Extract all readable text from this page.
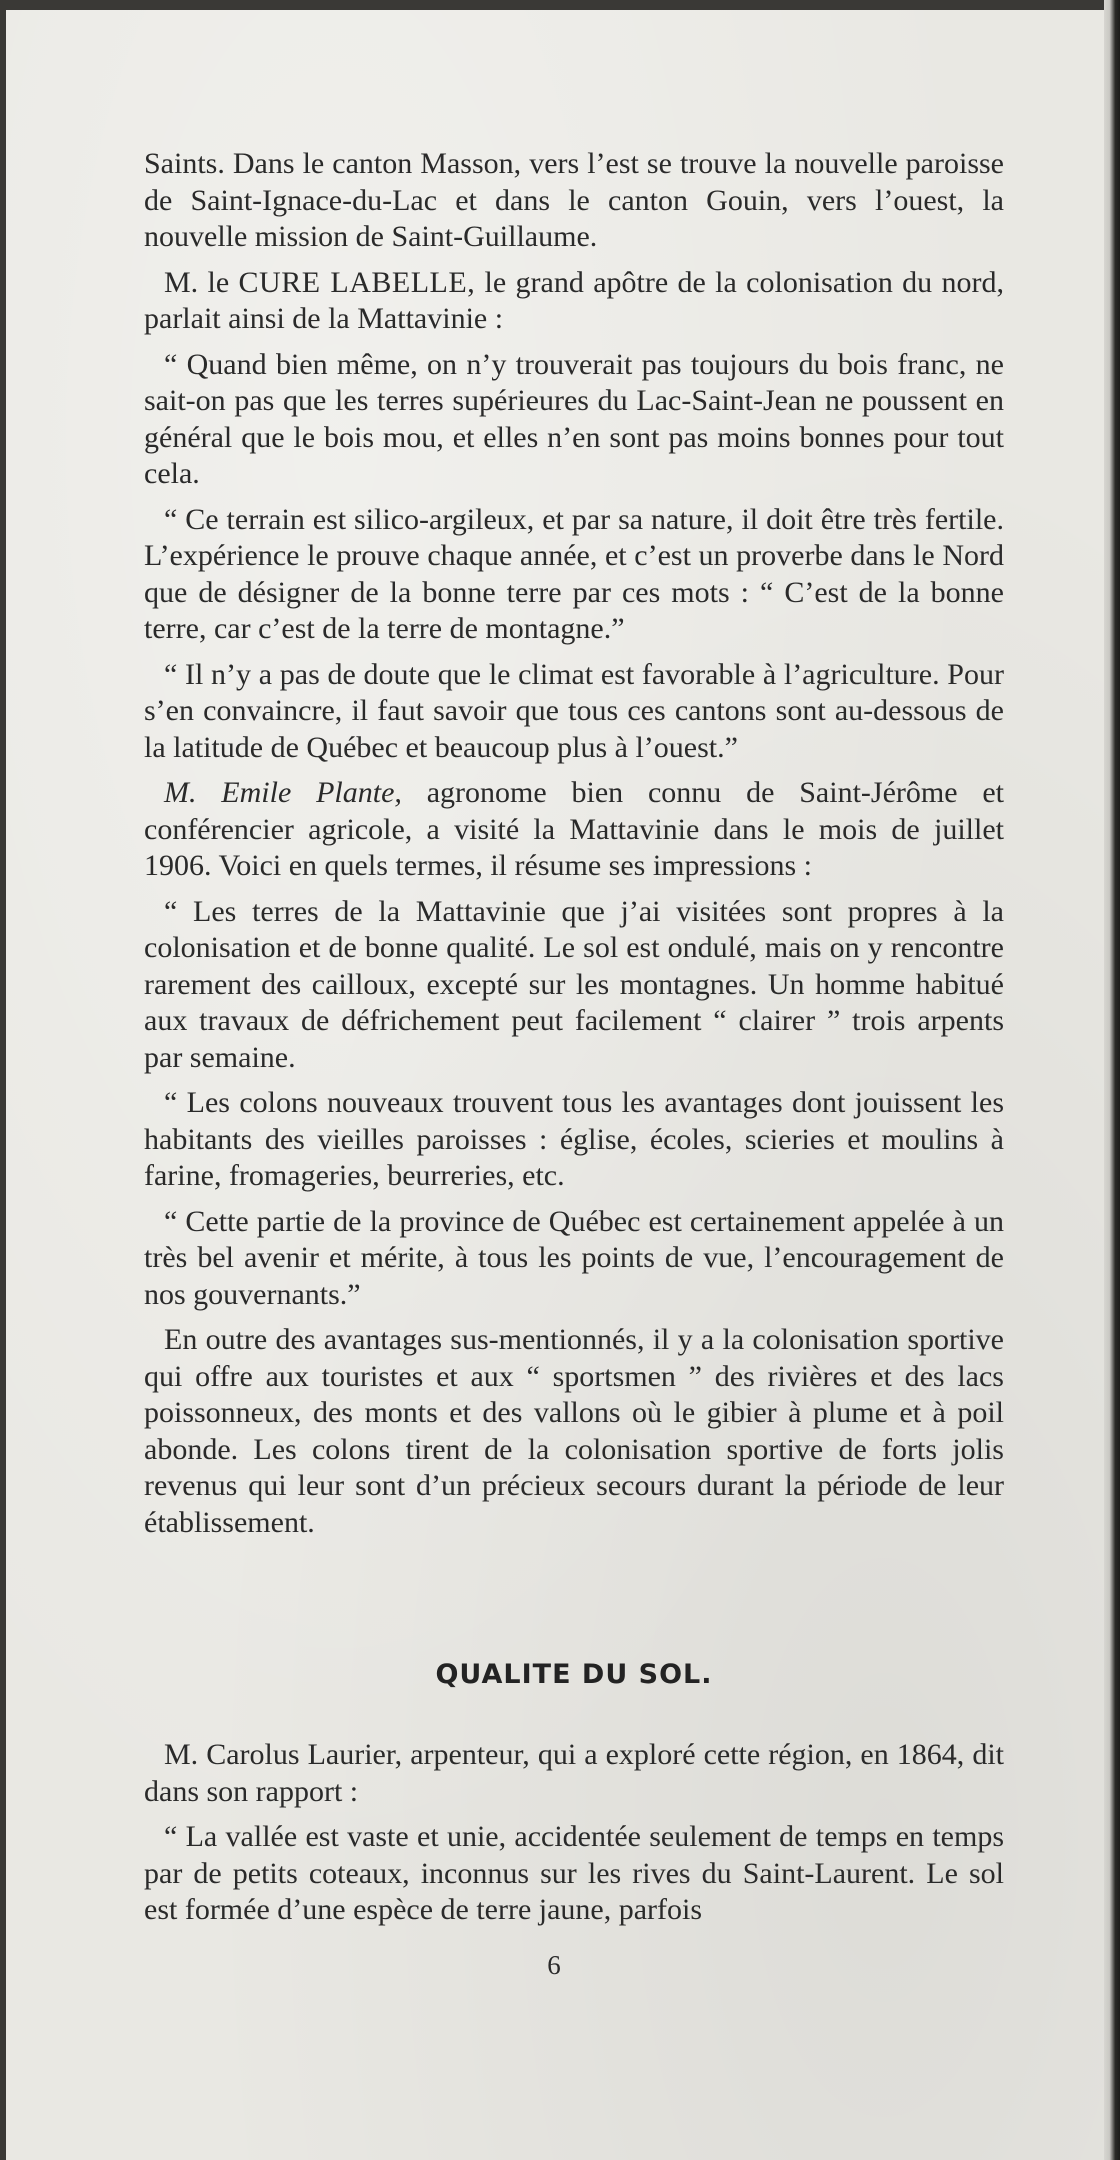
Saints. Dans le canton Masson, vers l’est se trouve la nouvelle paroisse de Saint-Ignace-du-Lac et dans le canton Gouin, vers l’ouest, la nouvelle mission de Saint-Guillaume.

M. le CURE LABELLE, le grand apôtre de la colonisation du nord, parlait ainsi de la Mattavinie :

“ Quand bien même, on n’y trouverait pas toujours du bois franc, ne sait-on pas que les terres supérieures du Lac-Saint-Jean ne poussent en général que le bois mou, et elles n’en sont pas moins bonnes pour tout cela.

“ Ce terrain est silico-argileux, et par sa nature, il doit être très fertile. L’expérience le prouve chaque année, et c’est un proverbe dans le Nord que de désigner de la bonne terre par ces mots : “ C’est de la bonne terre, car c’est de la terre de montagne.”

“ Il n’y a pas de doute que le climat est favorable à l’agriculture. Pour s’en convaincre, il faut savoir que tous ces cantons sont au-dessous de la latitude de Québec et beaucoup plus à l’ouest.”

M. Emile Plante, agronome bien connu de Saint-Jérôme et conférencier agricole, a visité la Mattavinie dans le mois de juillet 1906. Voici en quels termes, il résume ses impressions :

“ Les terres de la Mattavinie que j’ai visitées sont propres à la colonisation et de bonne qualité. Le sol est ondulé, mais on y rencontre rarement des cailloux, excepté sur les montagnes. Un homme habitué aux travaux de défrichement peut facilement “ clairer ” trois arpents par semaine.

“ Les colons nouveaux trouvent tous les avantages dont jouissent les habitants des vieilles paroisses : église, écoles, scieries et moulins à farine, fromageries, beurreries, etc.

“ Cette partie de la province de Québec est certainement appelée à un très bel avenir et mérite, à tous les points de vue, l’encouragement de nos gouvernants.”

En outre des avantages sus-mentionnés, il y a la colonisation sportive qui offre aux touristes et aux “ sportsmen ” des rivières et des lacs poissonneux, des monts et des vallons où le gibier à plume et à poil abonde. Les colons tirent de la colonisation sportive de forts jolis revenus qui leur sont d’un précieux secours durant la période de leur établissement.

QUALITE DU SOL.

M. Carolus Laurier, arpenteur, qui a exploré cette région, en 1864, dit dans son rapport :

“ La vallée est vaste et unie, accidentée seulement de temps en temps par de petits coteaux, inconnus sur les rives du Saint-Laurent. Le sol est formée d’une espèce de terre jaune, parfois

6
